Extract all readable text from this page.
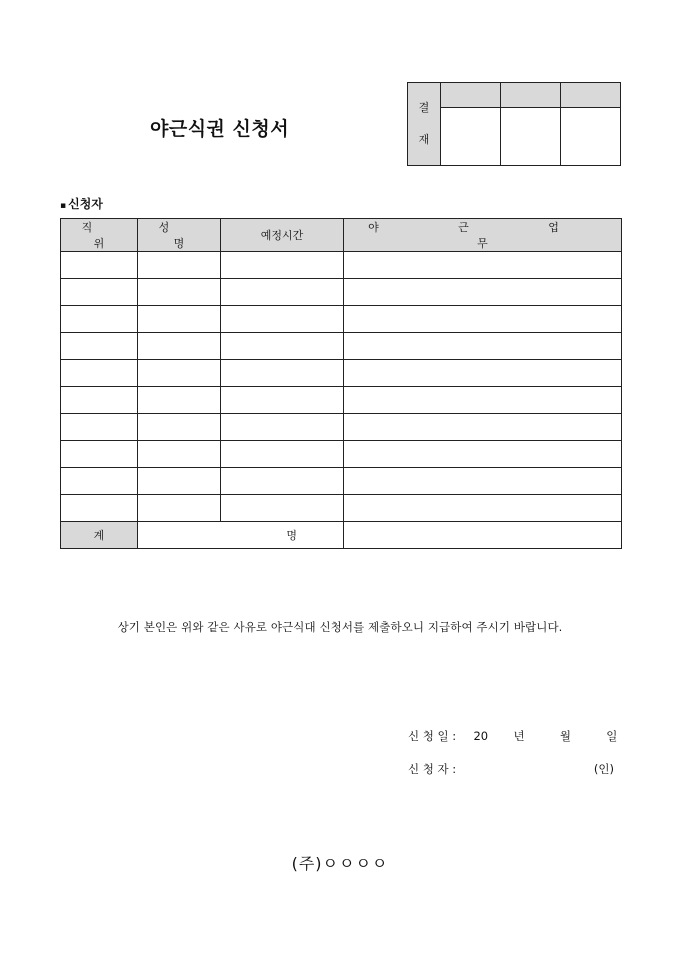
야근식권 신청서
결
재			

▪ 신청자
직 위	성 명	예정시간	야 근 업 무

계	명		
상기 본인은 위와 같은 사유로 야근식대 신청서를 제출하오니 지급하여 주시기 바랍니다.
신 청 일 : 20 년	월	일
신 청 자 :	(인)
(주)ㅇㅇㅇㅇ
